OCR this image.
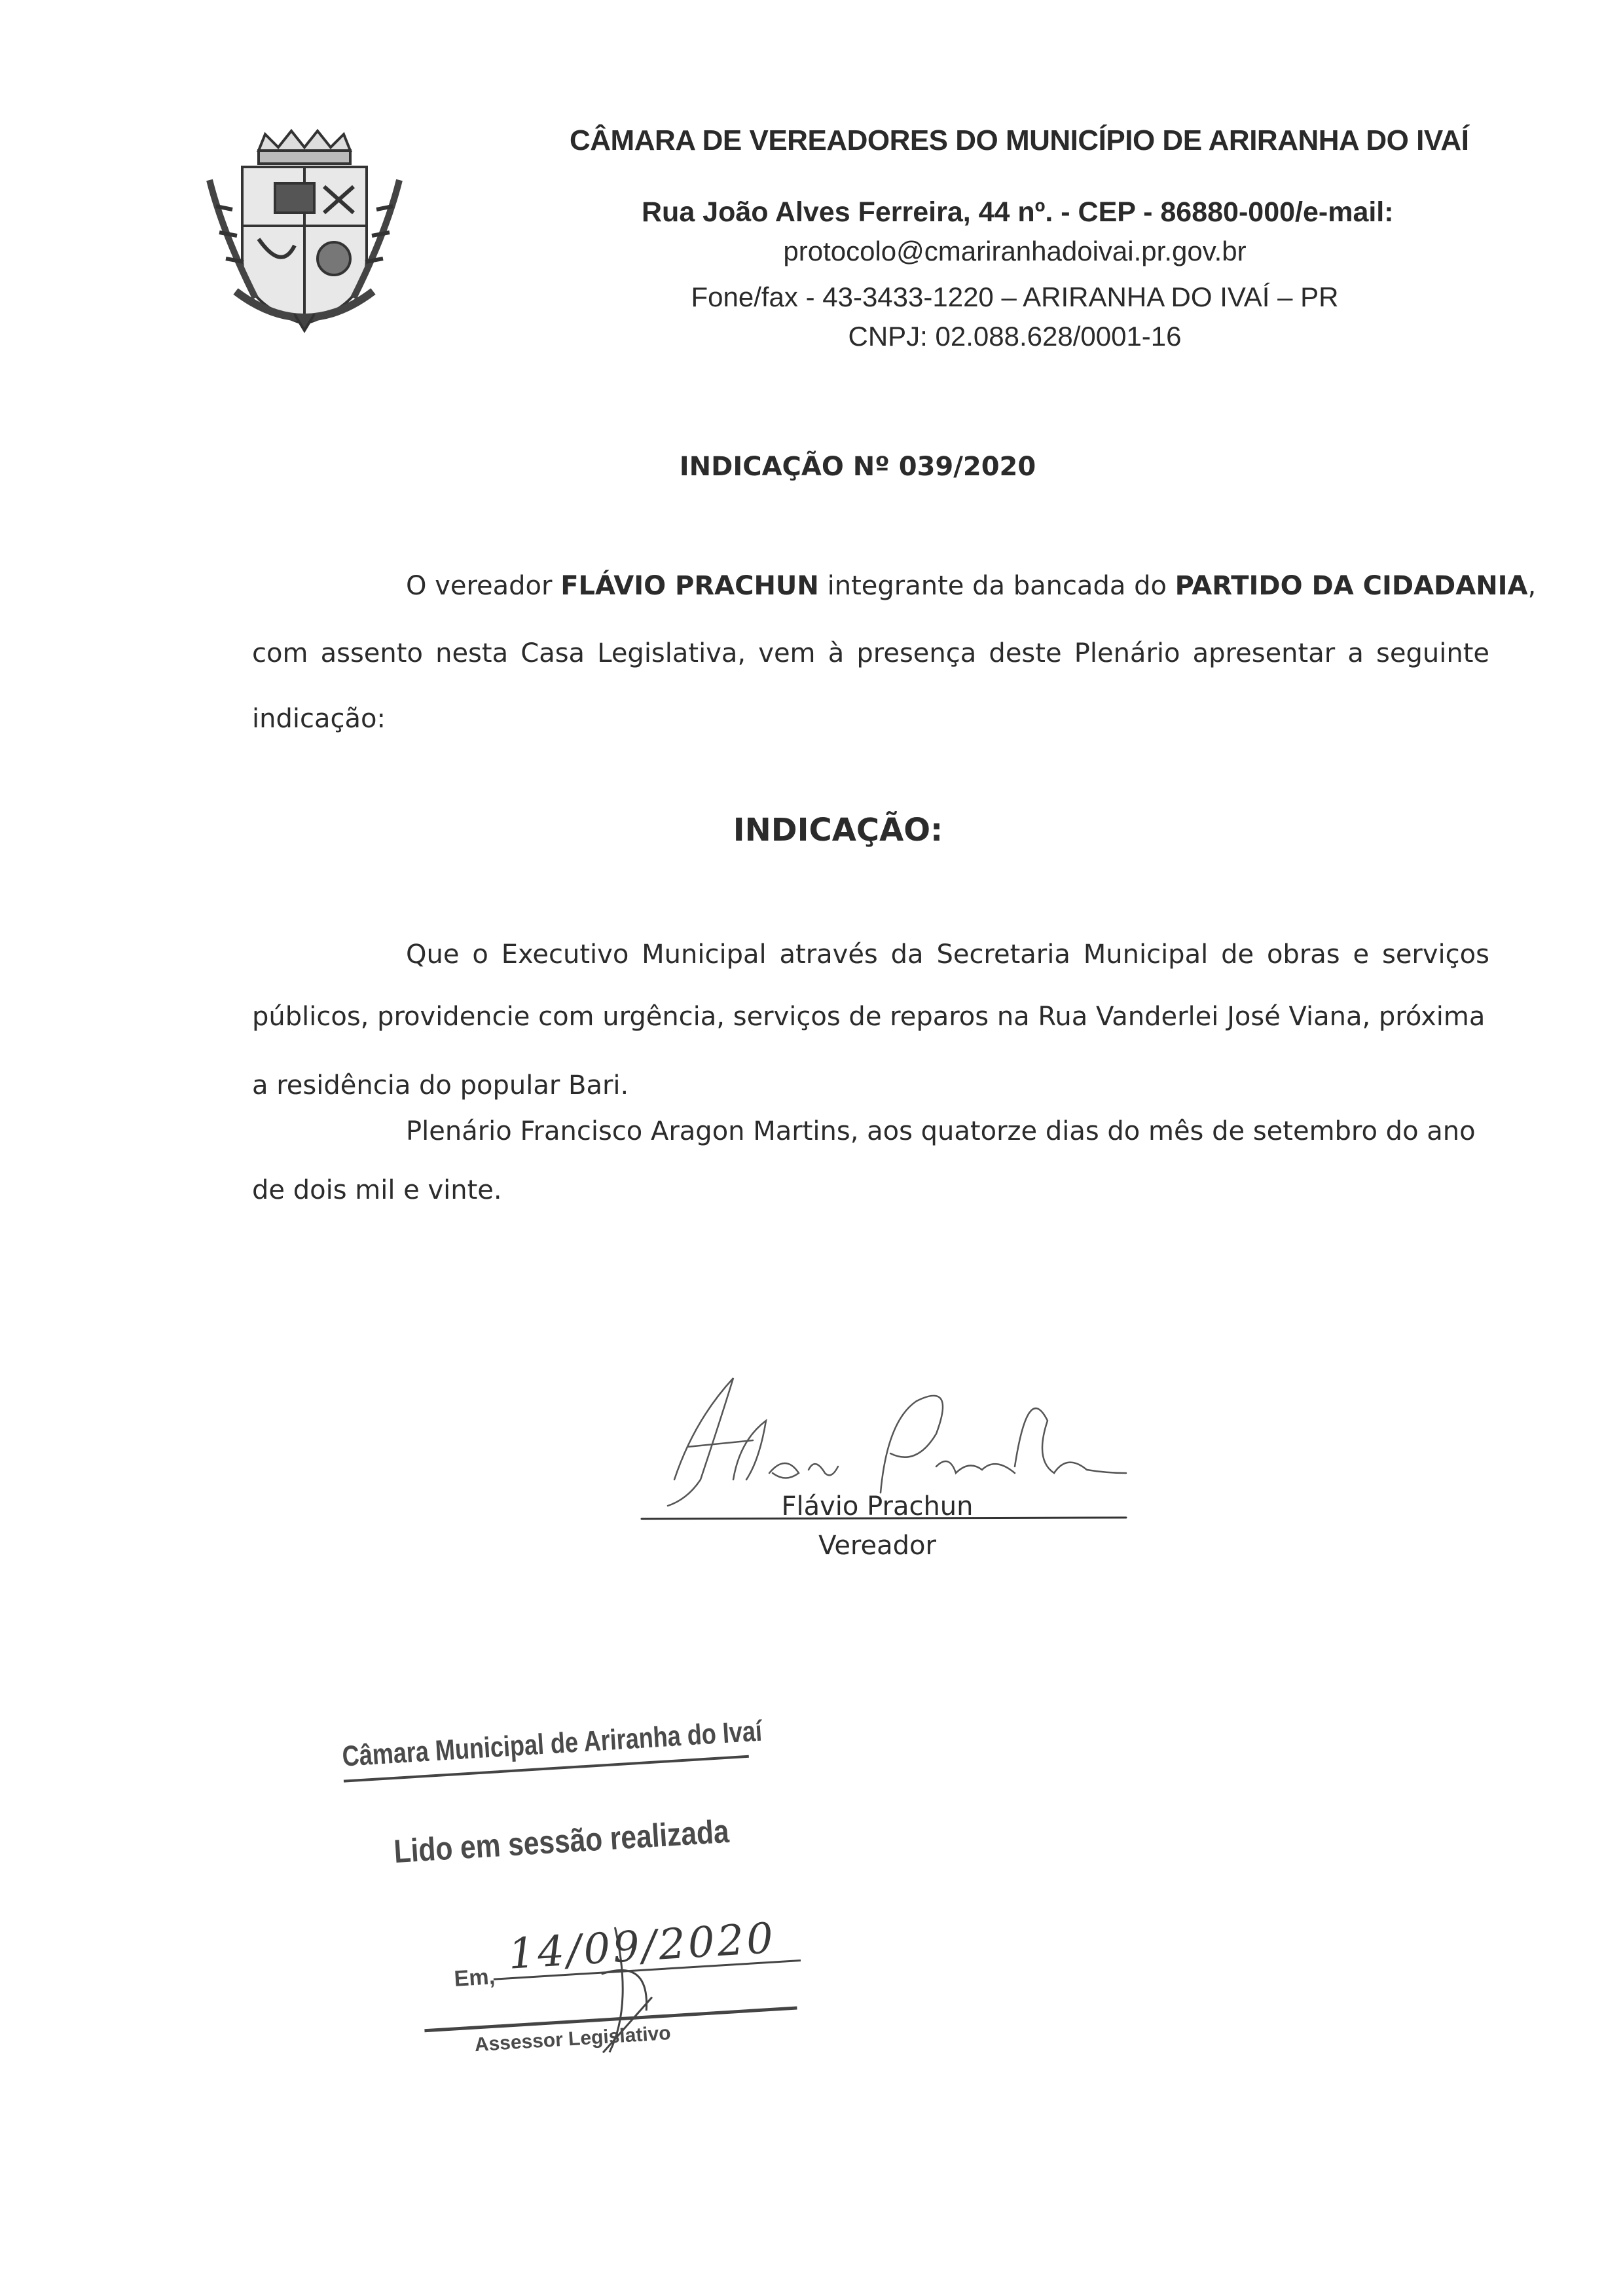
CÂMARA DE VEREADORES DO MUNICÍPIO DE ARIRANHA DO IVAÍ
Rua João Alves Ferreira, 44 nº. - CEP - 86880-000/e-mail:
protocolo@cmariranhadoivai.pr.gov.br
Fone/fax - 43-3433-1220 – ARIRANHA DO IVAÍ – PR
CNPJ: 02.088.628/0001-16
INDICAÇÃO Nº 039/2020
O vereador FLÁVIO PRACHUN integrante da bancada do PARTIDO DA CIDADANIA,
com assento nesta Casa Legislativa, vem à presença deste Plenário apresentar a seguinte
indicação:
INDICAÇÃO:
Que o Executivo Municipal através da Secretaria Municipal de obras e serviços
públicos, providencie com urgência, serviços de reparos na Rua Vanderlei José Viana, próxima
a residência do popular Bari.
Plenário Francisco Aragon Martins, aos quatorze dias do mês de setembro do ano
de dois mil e vinte.
Flávio Prachun
Vereador
Câmara Municipal de Ariranha do Ivaí
Lido em sessão realizada
Em, 14/09/2020
Assessor Legislativo
